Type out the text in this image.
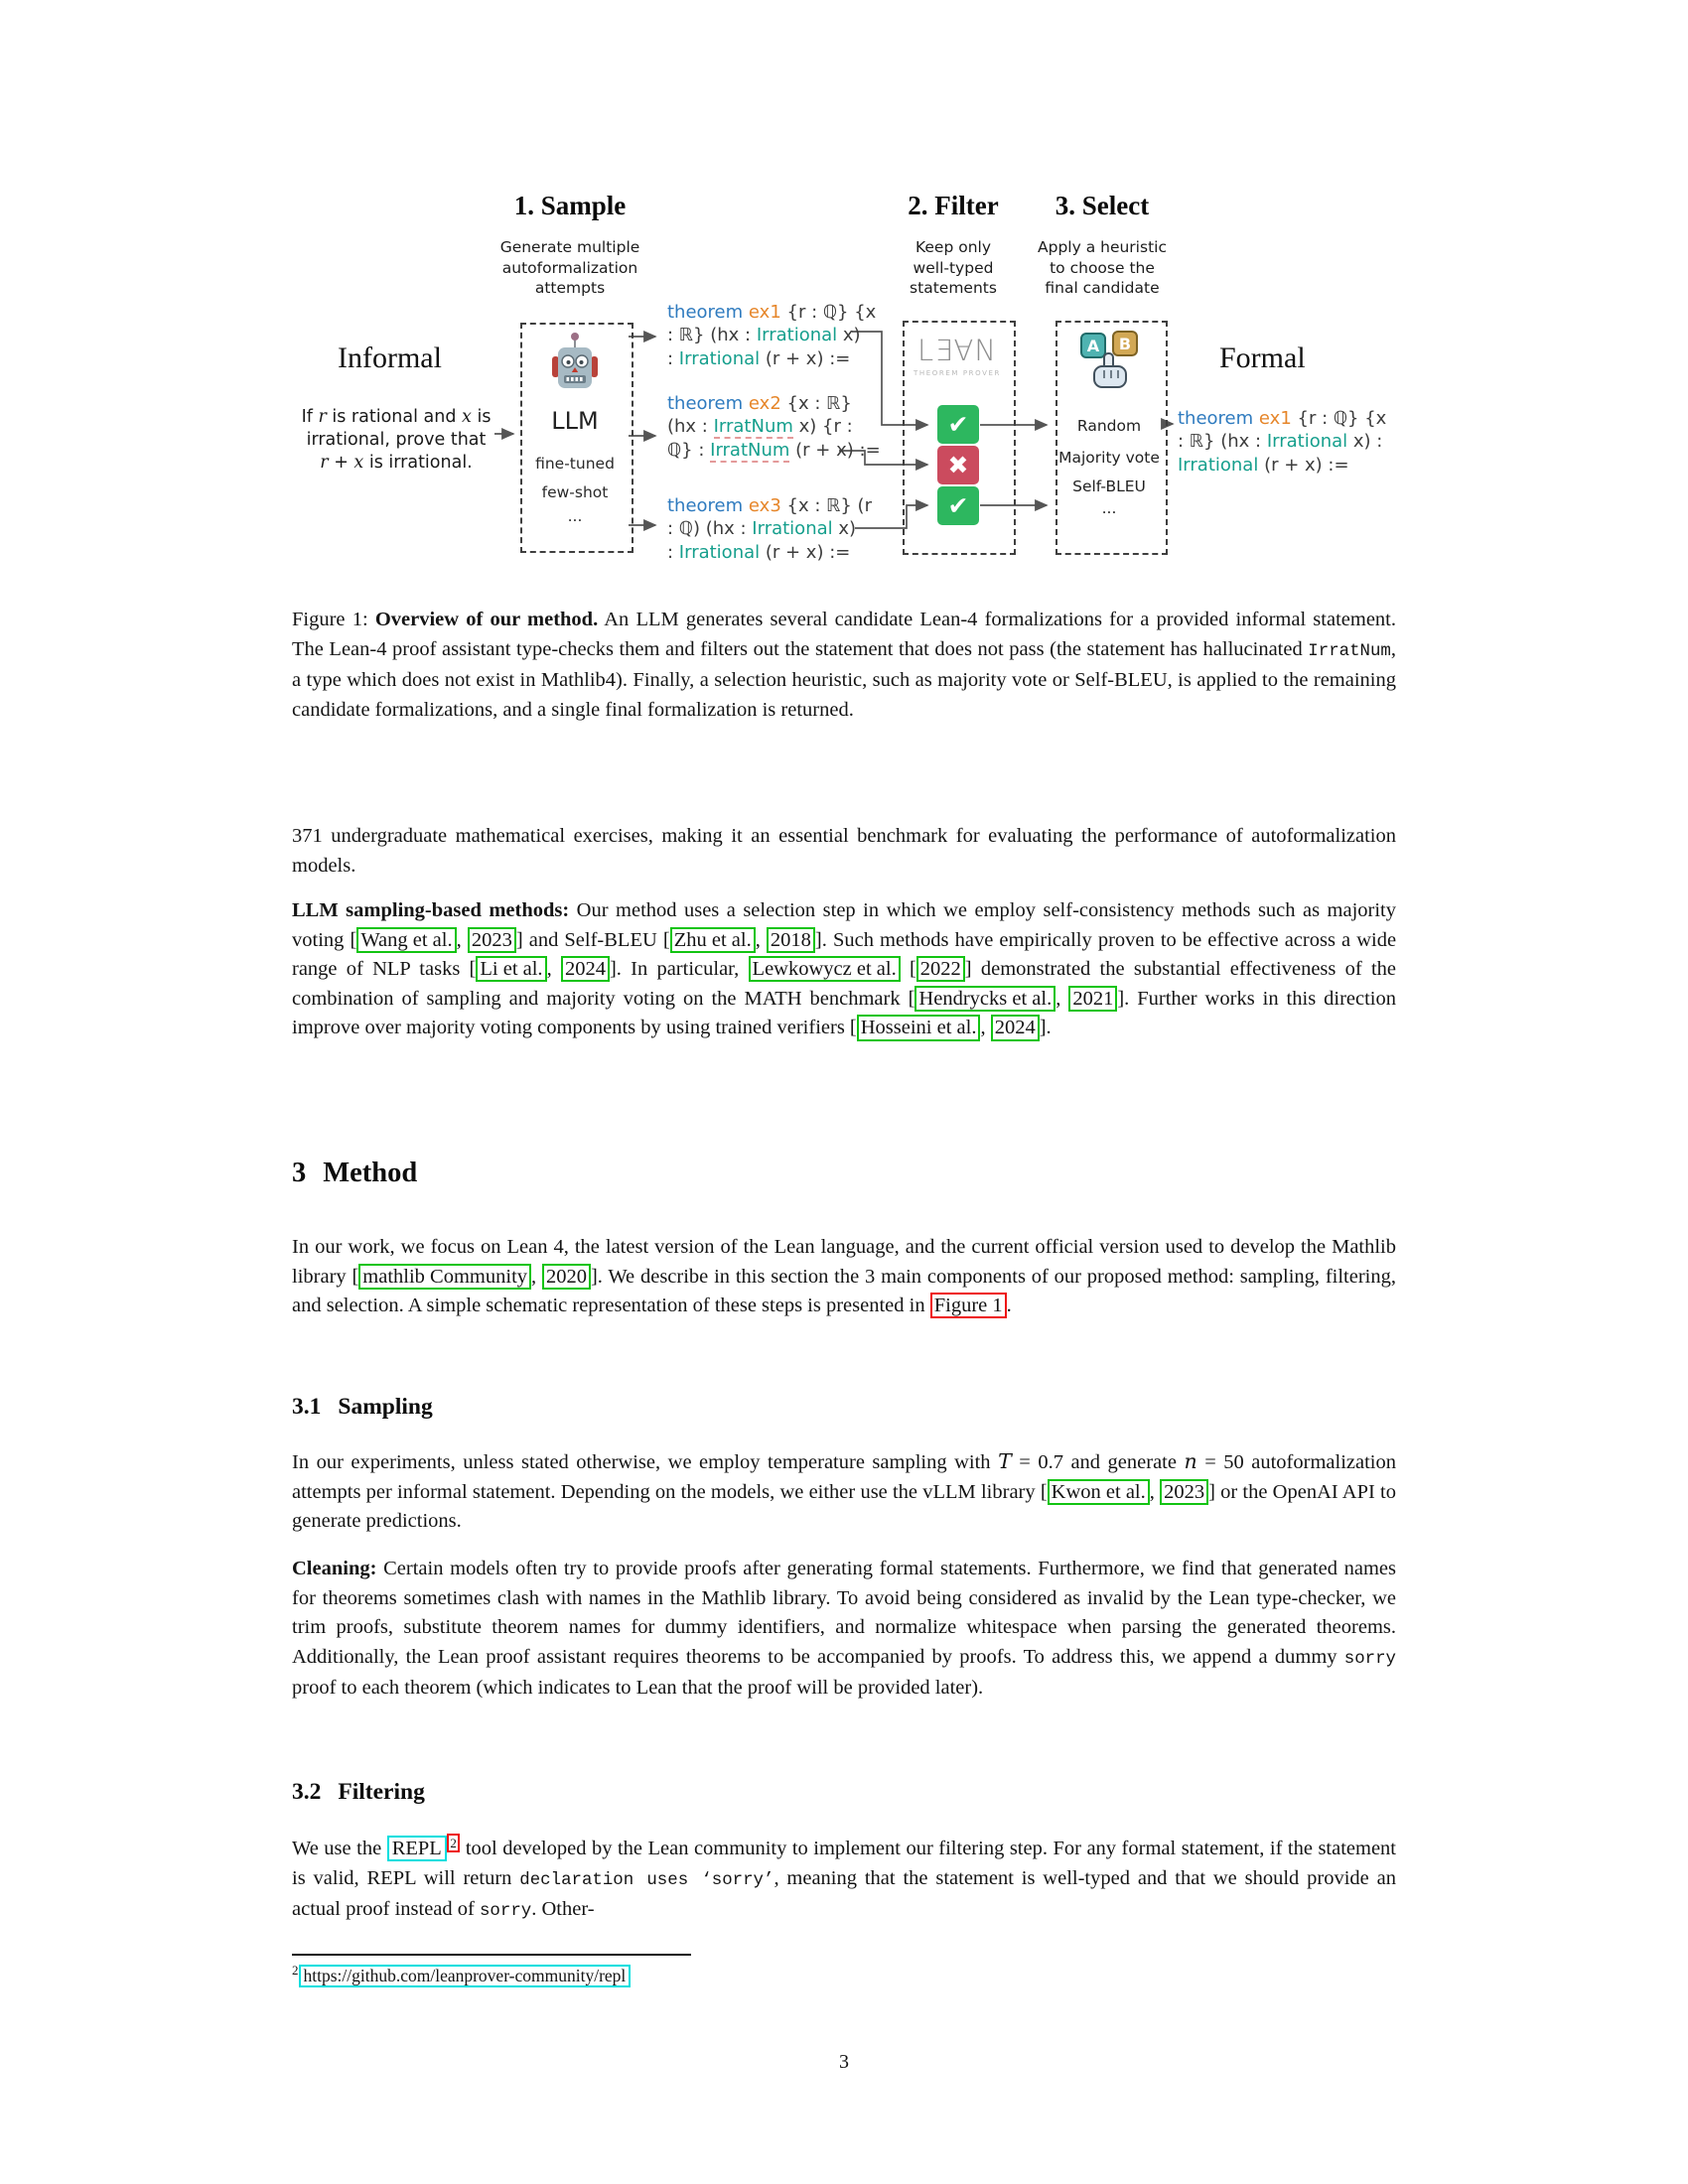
1. Sample	2. Filter 3. Select
Generate multiple
autoformalization
attempts
Keep only
well-typed
statements
Apply a heuristic
to choose the
final candidate
Informal
If r is rational and x is
irrational, prove that
r + x is irrational.
LLM
fine-tuned
few-shot
...
theorem ex1 {r : ℚ} {x
: ℝ} (hx : Irrational x)
: Irrational (r + x) :=
theorem ex2 {x : ℝ}
(hx : IrratNum x) {r :
ℚ} : IrratNum (r + x) :=
theorem ex3 {x : ℝ} (r
: ℚ) (hx : Irrational x)
: Irrational (r + x) :=
L∃∀N
THEOREM PROVER
✔
✖
✔
A B
Random
Majority vote
Self-BLEU
...
Formal
theorem ex1 {r : ℚ} {x
: ℝ} (hx : Irrational x) :
Irrational (r + x) :=
Figure 1: Overview of our method. An LLM generates several candidate Lean-4 formalizations for a provided informal statement. The Lean-4 proof assistant type-checks them and filters out the statement that does not pass (the statement has hallucinated IrratNum, a type which does not exist in Mathlib4). Finally, a selection heuristic, such as majority vote or Self-BLEU, is applied to the remaining candidate formalizations, and a single final formalization is returned.
371 undergraduate mathematical exercises, making it an essential benchmark for evaluating the performance of autoformalization models.
LLM sampling-based methods: Our method uses a selection step in which we employ self-consistency methods such as majority voting [ Wang et al. , 2023 ] and Self-BLEU [ Zhu et al. , 2018 ]. Such methods have empirically proven to be effective across a wide range of NLP tasks [ Li et al. , 2024 ]. In particular, Lewkowycz et al. [ 2022 ] demonstrated the substantial effectiveness of the combination of sampling and majority voting on the MATH benchmark [ Hendrycks et al. , 2021 ]. Further works in this direction improve over majority voting components by using trained verifiers [ Hosseini et al. , 2024 ].
3 Method
In our work, we focus on Lean 4, the latest version of the Lean language, and the current official version used to develop the Mathlib library [ mathlib Community , 2020 ]. We describe in this section the 3 main components of our proposed method: sampling, filtering, and selection. A simple schematic representation of these steps is presented in Figure 1 .
3.1 Sampling
In our experiments, unless stated otherwise, we employ temperature sampling with T = 0.7 and generate n = 50 autoformalization attempts per informal statement. Depending on the models, we either use the vLLM library [ Kwon et al. , 2023 ] or the OpenAI API to generate predictions.
Cleaning: Certain models often try to provide proofs after generating formal statements. Furthermore, we find that generated names for theorems sometimes clash with names in the Mathlib library. To avoid being considered as invalid by the Lean type-checker, we trim proofs, substitute theorem names for dummy identifiers, and normalize whitespace when parsing the generated theorems. Additionally, the Lean proof assistant requires theorems to be accompanied by proofs. To address this, we append a dummy sorry proof to each theorem (which indicates to Lean that the proof will be provided later).
3.2 Filtering
We use the REPL $^2$ tool developed by the Lean community to implement our filtering step. For any formal statement, if the statement is valid, REPL will return declaration uses ‘sorry’, meaning that the statement is well-typed and that we should provide an actual proof instead of sorry. Other-
$^2$ https://github.com/leanprover-community/repl
3
